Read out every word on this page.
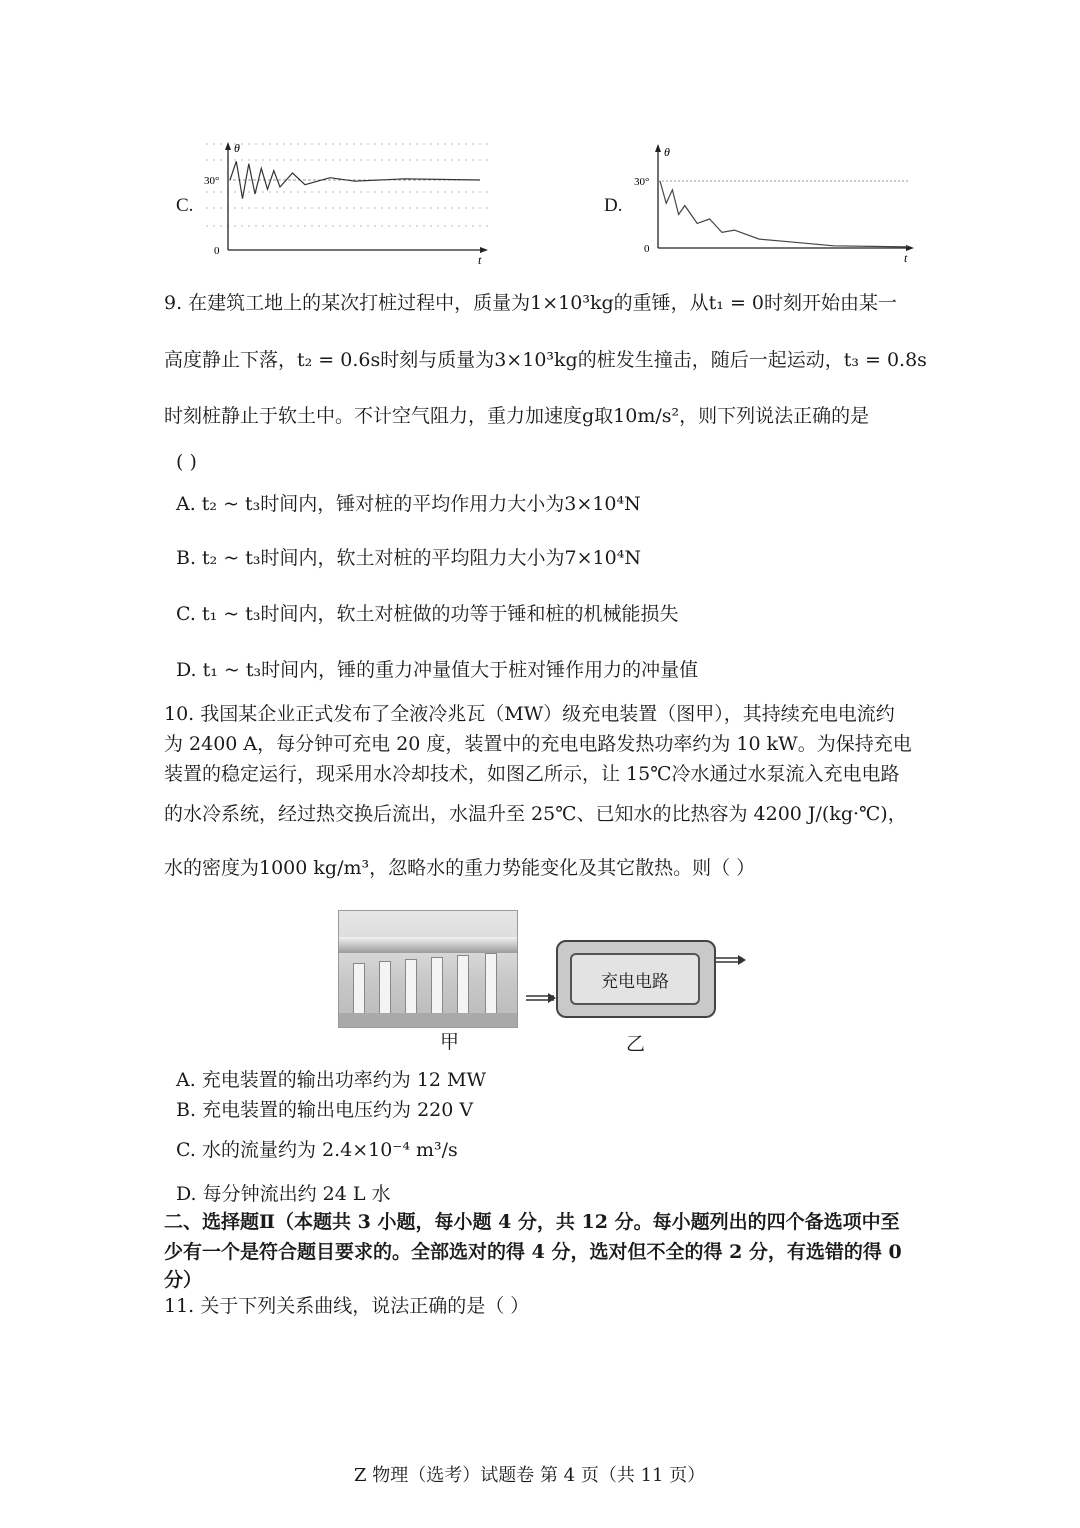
C.
θ
t
0
30°
D.
θ
t
0
30°
9. 在建筑工地上的某次打桩过程中，质量为1×10³kg的重锤，从t₁ = 0时刻开始由某一
高度静止下落，t₂ = 0.6s时刻与质量为3×10³kg的桩发生撞击，随后一起运动，t₃ = 0.8s
时刻桩静止于软土中。不计空气阻力，重力加速度g取10m/s²，则下列说法正确的是
( )
A. t₂ ~ t₃时间内，锤对桩的平均作用力大小为3×10⁴N
B. t₂ ~ t₃时间内，软土对桩的平均阻力大小为7×10⁴N
C. t₁ ~ t₃时间内，软土对桩做的功等于锤和桩的机械能损失
D. t₁ ~ t₃时间内，锤的重力冲量值大于桩对锤作用力的冲量值
10. 我国某企业正式发布了全液冷兆瓦（MW）级充电装置（图甲），其持续充电电流约
为 2400 A，每分钟可充电 20 度，装置中的充电电路发热功率约为 10 kW。为保持充电
装置的稳定运行，现采用水冷却技术，如图乙所示，让 15℃冷水通过水泵流入充电电路
的水冷系统，经过热交换后流出，水温升至 25℃、已知水的比热容为 4200 J/(kg·℃)，
水的密度为1000 kg/m³，忽略水的重力势能变化及其它散热。则（ ）
甲
充电电路
乙
A. 充电装置的输出功率约为 12 MW
B. 充电装置的输出电压约为 220 V
C. 水的流量约为 2.4×10⁻⁴ m³/s
D. 每分钟流出约 24 L 水
二、选择题Ⅱ（本题共 3 小题，每小题 4 分，共 12 分。每小题列出的四个备选项中至
少有一个是符合题目要求的。全部选对的得 4 分，选对但不全的得 2 分，有选错的得 0
分）
11. 关于下列关系曲线，说法正确的是（ ）
Z 物理（选考）试题卷 第 4 页（共 11 页）
